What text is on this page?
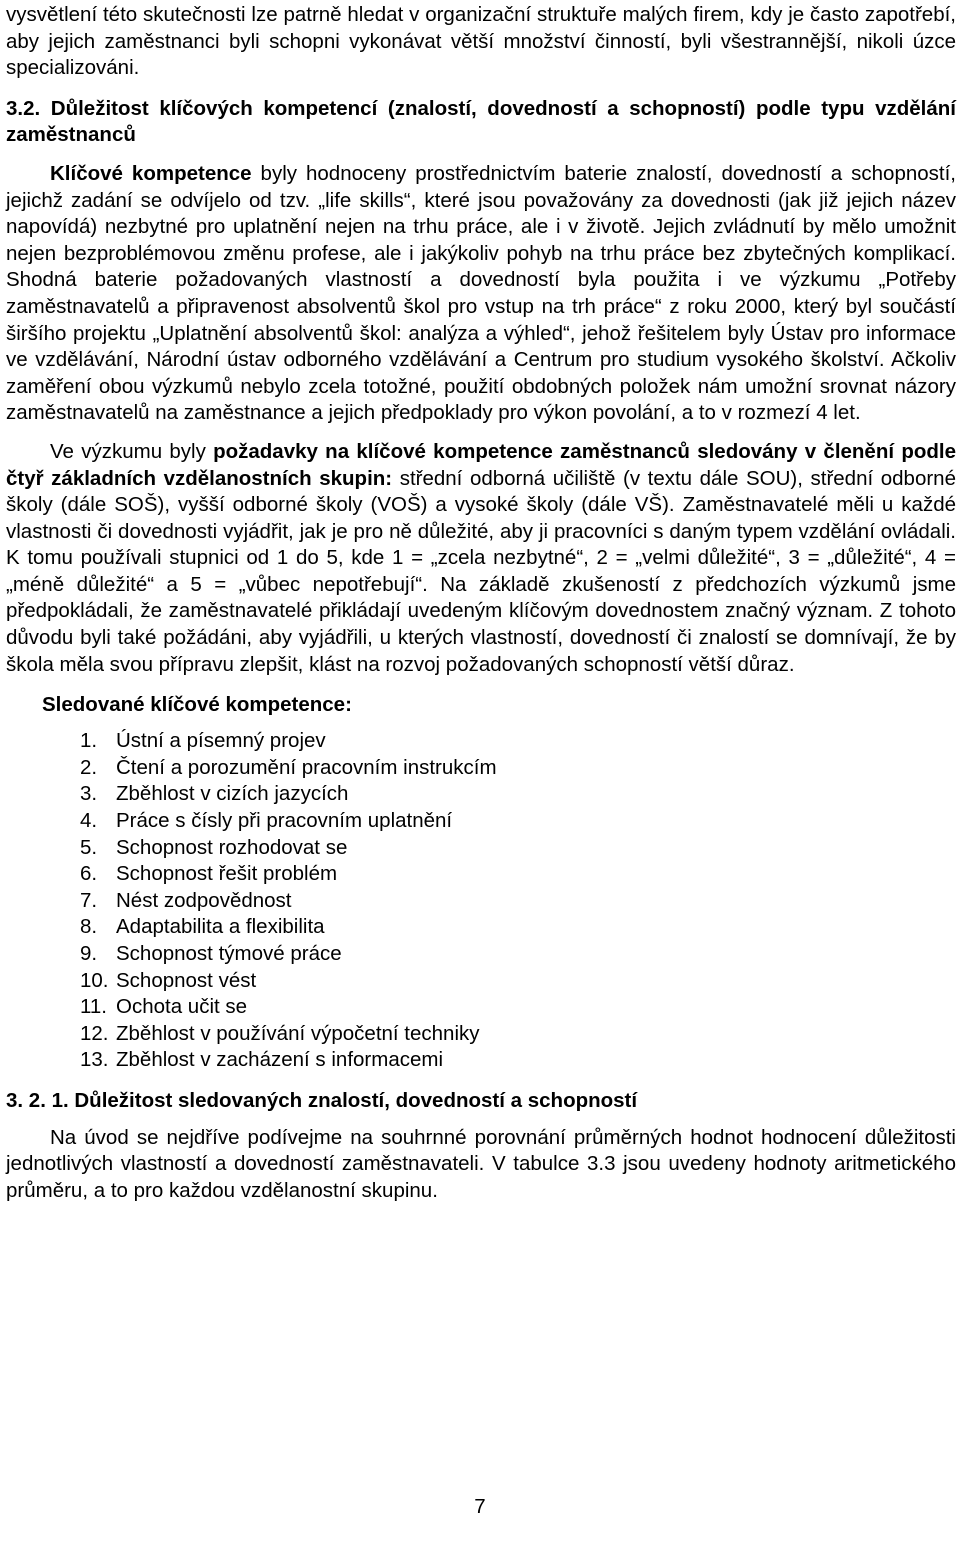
vysvětlení této skutečnosti lze patrně hledat v organizační struktuře malých firem, kdy je často zapotřebí, aby jejich zaměstnanci byli schopni vykonávat větší množství činností, byli všestrannější, nikoli úzce specializováni.

3.2. Důležitost klíčových kompetencí (znalostí, dovedností a schopností) podle typu vzdělání zaměstnanců

Klíčové kompetence byly hodnoceny prostřednictvím baterie znalostí, dovedností a schopností, jejichž zadání se odvíjelo od tzv. „life skills“, které jsou považovány za dovednosti (jak již jejich název napovídá) nezbytné pro uplatnění nejen na trhu práce, ale i v životě. Jejich zvládnutí by mělo umožnit nejen bezproblémovou změnu profese, ale i jakýkoliv pohyb na trhu práce bez zbytečných komplikací. Shodná baterie požadovaných vlastností a dovedností byla použita i ve výzkumu „Potřeby zaměstnavatelů a připravenost absolventů škol pro vstup na trh práce“ z roku 2000, který byl součástí širšího projektu „Uplatnění absolventů škol: analýza a výhled“, jehož řešitelem byly Ústav pro informace ve vzdělávání, Národní ústav odborného vzdělávání a Centrum pro studium vysokého školství. Ačkoliv zaměření obou výzkumů nebylo zcela totožné, použití obdobných položek nám umožní srovnat názory zaměstnavatelů na zaměstnance a jejich předpoklady pro výkon povolání, a to v rozmezí 4 let.

Ve výzkumu byly požadavky na klíčové kompetence zaměstnanců sledovány v členění podle čtyř základních vzdělanostních skupin: střední odborná učiliště (v textu dále SOU), střední odborné školy (dále SOŠ), vyšší odborné školy (VOŠ) a vysoké školy (dále VŠ). Zaměstnavatelé měli u každé vlastnosti či dovednosti vyjádřit, jak je pro ně důležité, aby ji pracovníci s daným typem vzdělání ovládali. K tomu používali stupnici od 1 do 5, kde 1 = „zcela nezbytné“, 2 = „velmi důležité“, 3 = „důležité“, 4 = „méně důležité“ a 5 = „vůbec nepotřebují“. Na základě zkušeností z předchozích výzkumů jsme předpokládali, že zaměstnavatelé přikládají uvedeným klíčovým dovednostem značný význam. Z tohoto důvodu byli také požádáni, aby vyjádřili, u kterých vlastností, dovedností či znalostí se domnívají, že by škola měla svou přípravu zlepšit, klást na rozvoj požadovaných schopností větší důraz.

Sledované klíčové kompetence:
1. Ústní a písemný projev
2. Čtení a porozumění pracovním instrukcím
3. Zběhlost v cizích jazycích
4. Práce s čísly při pracovním uplatnění
5. Schopnost rozhodovat se
6. Schopnost řešit problém
7. Nést zodpovědnost
8. Adaptabilita a flexibilita
9. Schopnost týmové práce
10. Schopnost vést
11. Ochota učit se
12. Zběhlost v používání výpočetní techniky
13. Zběhlost v zacházení s informacemi

3. 2. 1. Důležitost sledovaných znalostí, dovedností a schopností

Na úvod se nejdříve podívejme na souhrnné porovnání průměrných hodnot hodnocení důležitosti jednotlivých vlastností a dovedností zaměstnavateli. V tabulce 3.3 jsou uvedeny hodnoty aritmetického průměru, a to pro každou vzdělanostní skupinu.

7
